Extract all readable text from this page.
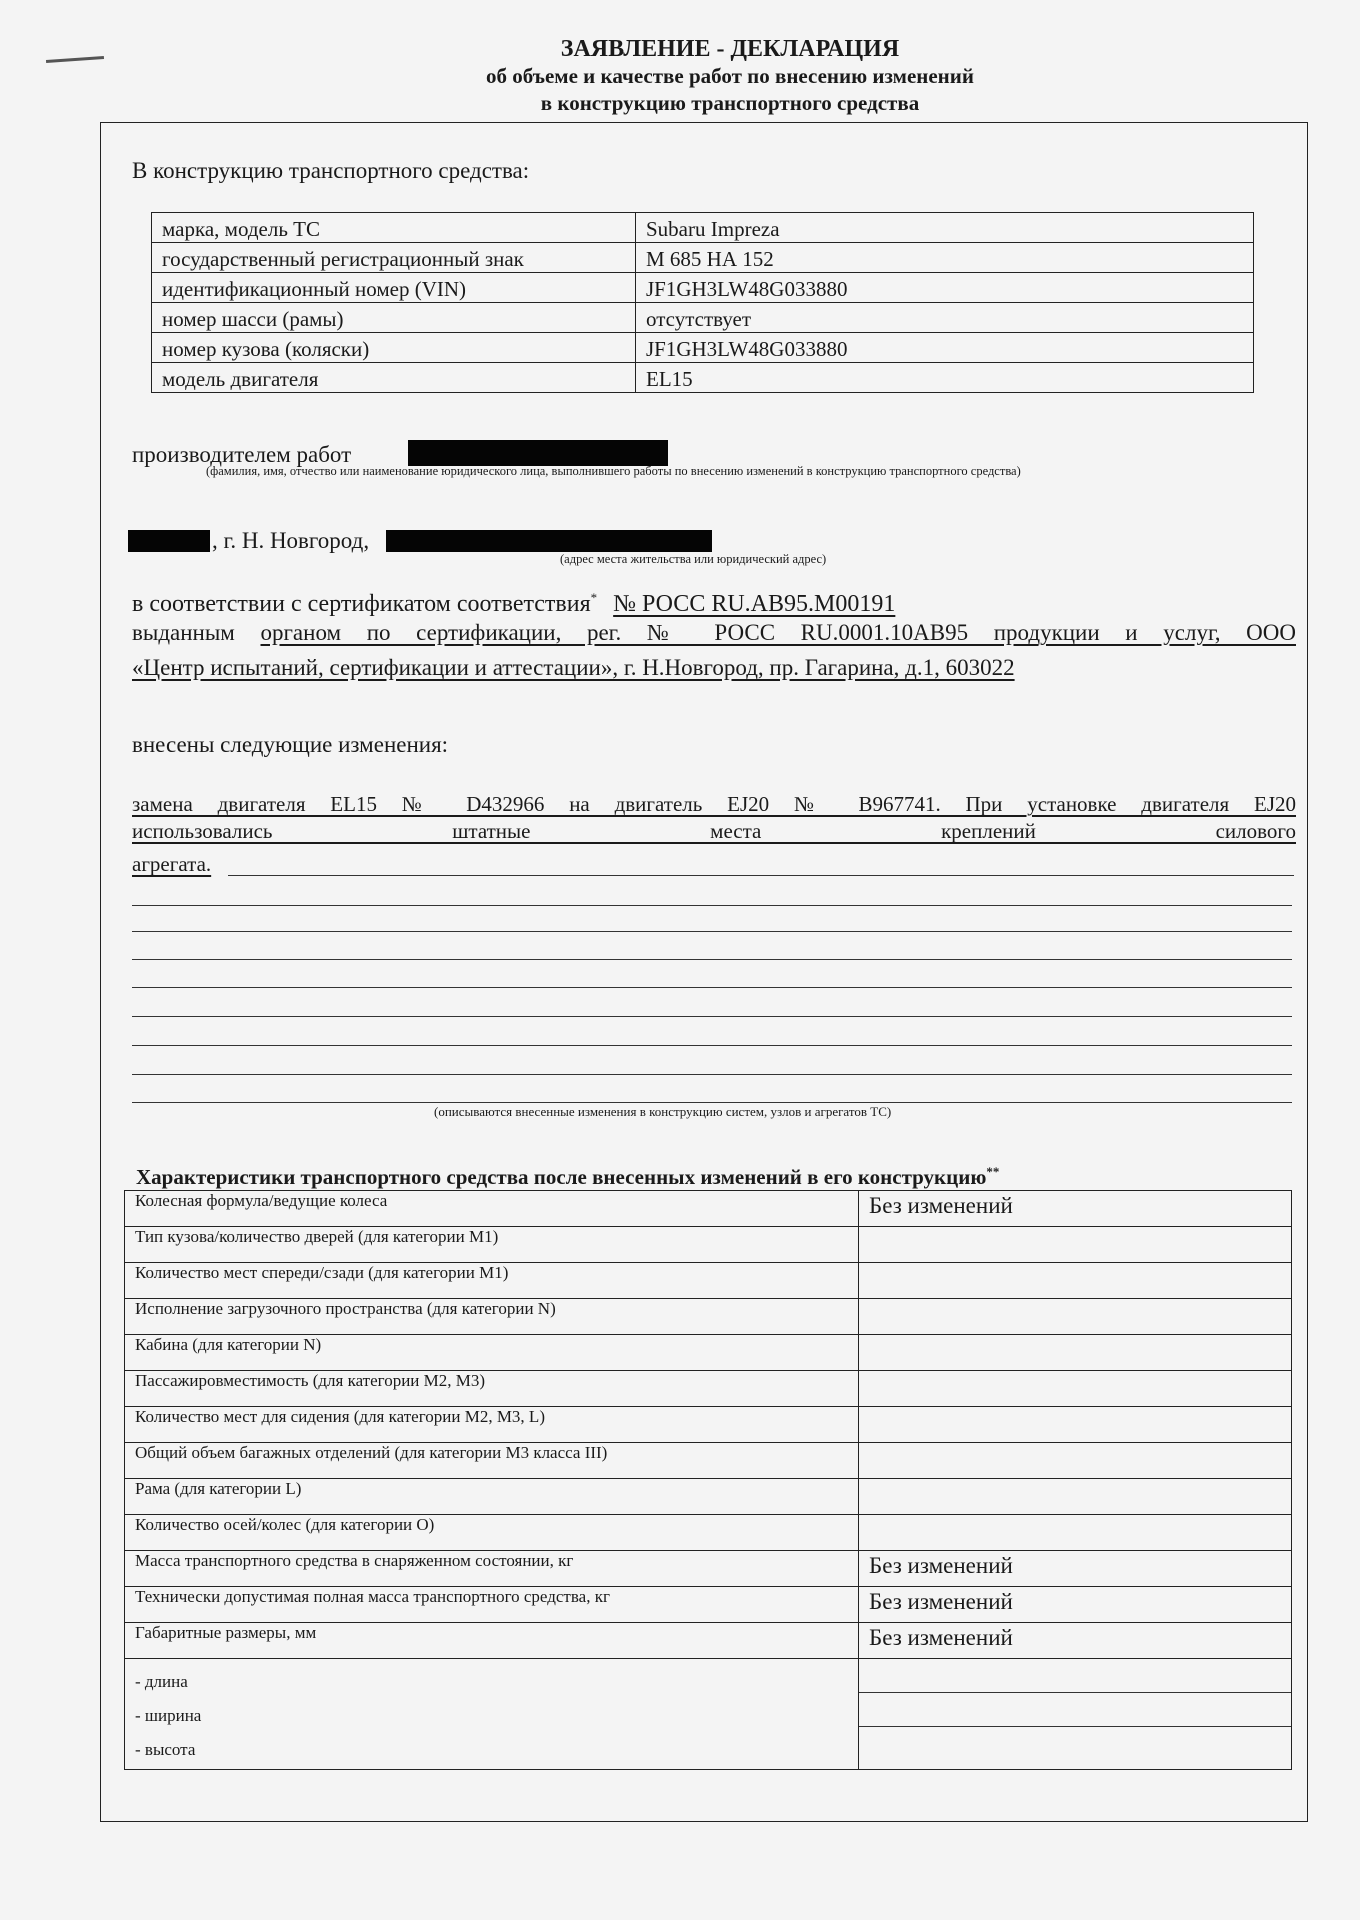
ЗАЯВЛЕНИЕ - ДЕКЛАРАЦИЯ
об объеме и качестве работ по внесению изменений
в конструкцию транспортного средства
В конструкцию транспортного средства:
марка, модель ТС	Subaru Impreza
государственный регистрационный знак	М 685 НА 152
идентификационный номер (VIN)	JF1GH3LW48G033880
номер шасси (рамы)	отсутствует
номер кузова (коляски)	JF1GH3LW48G033880
модель двигателя	EL15
производителем работ
(фамилия, имя, отчество или наименование юридического лица, выполнившего работы по внесению изменений в конструкцию транспортного средства)
, г. Н. Новгород,
(адрес места жительства или юридический адрес)
в соответствии с сертификатом соответствия* № РОСС RU.АВ95.М00191
выданным органом по сертификации, рег. № РОСС RU.0001.10АВ95 продукции и услуг, ООО
«Центр испытаний, сертификации и аттестации», г. Н.Новгород, пр. Гагарина, д.1, 603022
внесены следующие изменения:
замена двигателя EL15 № D432966 на двигатель EJ20 № B967741. При установке двигателя EJ20
использовались штатные места креплений силового
агрегата.
(описываются внесенные изменения в конструкцию систем, узлов и агрегатов ТС)
Характеристики транспортного средства после внесенных изменений в его конструкцию**
Колесная формула/ведущие колеса	Без изменений
Тип кузова/количество дверей (для категории М1)	
Количество мест спереди/сзади (для категории М1)	
Исполнение загрузочного пространства (для категории N)	
Кабина (для категории N)	
Пассажировместимость (для категории М2, М3)	
Количество мест для сидения (для категории М2, М3, L)	
Общий объем багажных отделений (для категории М3 класса III)	
Рама (для категории L)	
Количество осей/колес (для категории О)	
Масса транспортного средства в снаряженном состоянии, кг	Без изменений
Технически допустимая полная масса транспортного средства, кг	Без изменений
Габаритные размеры, мм	Без изменений

- длина
- ширина
- высота	
